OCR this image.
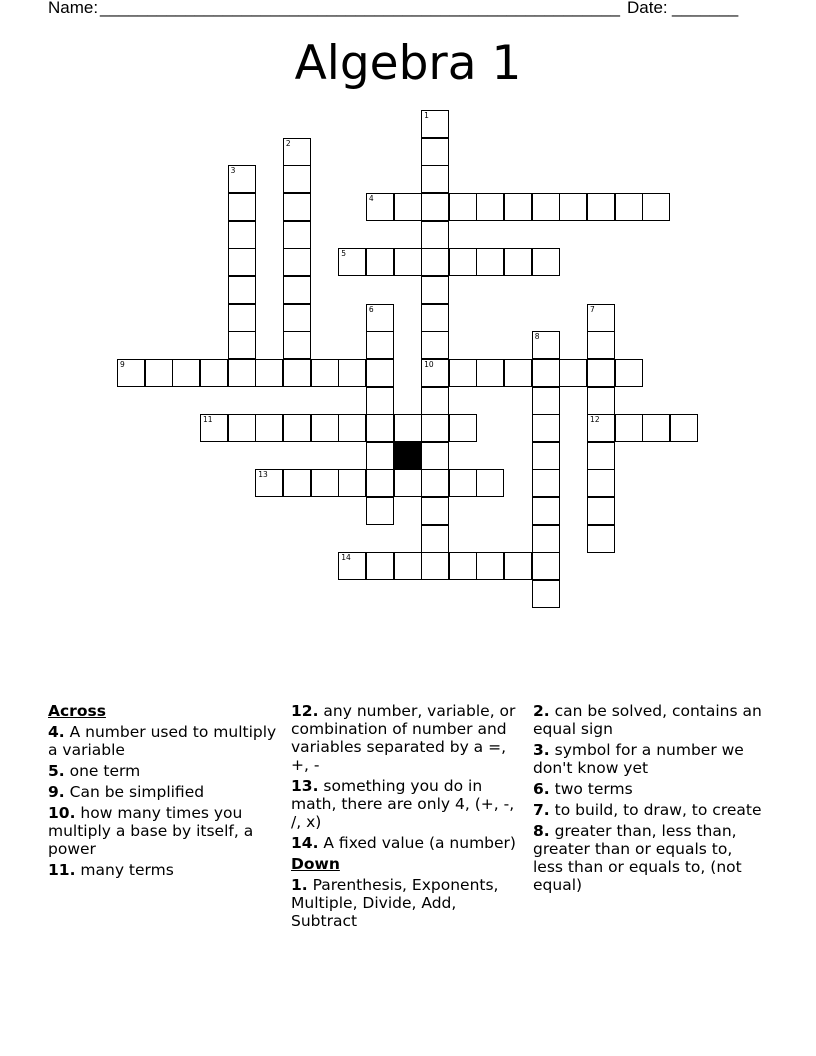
Name: _______________________________________________________ Date: _______
Algebra 1
1
10
2
3
4
5
6	7
12
8
9
11
13
14
Across
4. A number used to multiply a variable
5. one term
9. Can be simplified
10. how many times you multiply a base by itself, a power
11. many terms
12. any number, variable, or combination of number and variables separated by a =, +, -
13. something you do in math, there are only 4, (+, -, /, x)
14. A fixed value (a number)
Down
1. Parenthesis, Exponents, Multiple, Divide, Add, Subtract
2. can be solved, contains an equal sign
3. symbol for a number we don't know yet
6. two terms
7. to build, to draw, to create
8. greater than, less than, greater than or equals to, less than or equals to, (not equal)
